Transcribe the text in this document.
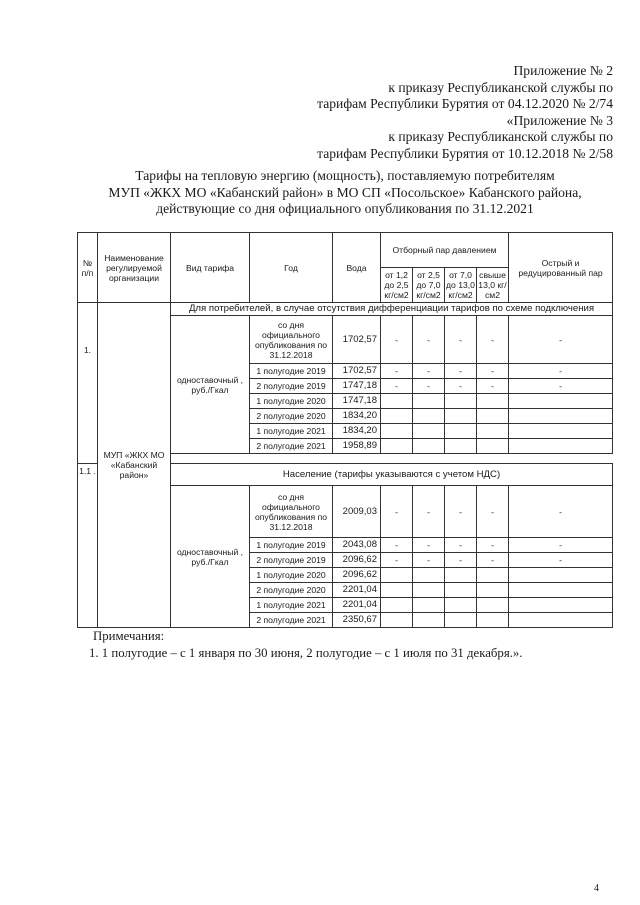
Приложение № 2
к приказу Республиканской службы по
тарифам Республики Бурятия от 04.12.2020 № 2/74
«Приложение № 3
к приказу Республиканской службы по
тарифам Республики Бурятия от 10.12.2018 № 2/58
Тарифы на тепловую энергию (мощность), поставляемую потребителям
МУП «ЖКХ МО «Кабанский район» в МО СП «Посольское» Кабанского района,
действующие со дня официального опубликования по 31.12.2021
№ п/п	Наименование регулируемой организации	Вид тарифа	Год	Вода	Отборный пар давлением				Острый и редуцированный пар
					от 1,2 до 2,5 кг/см2	от 2,5 до 7,0 кг/см2	от 7,0 до 13,0 кг/см2	свыше 13,0 кг/см2	
1.	МУП «ЖКХ МО «Кабанский район»	Для потребителей, в случае отсутствия дифференциации тарифов по схеме подключения							
		одноставочный , руб./Гкал	со дня официального опубликования по 31.12.2018	1702,57	-	-	-	-	-
			1 полугодие 2019	1702,57	-	-	-	-	-
			2 полугодие 2019	1747,18	-	-	-	-	-
			1 полугодие 2020	1747,18					
			2 полугодие 2020	1834,20					
			1 полугодие 2021	1834,20					
			2 полугодие 2021	1958,89					

1.1 .		Население (тарифы указываются с учетом НДС)							
		одноставочный , руб./Гкал	со дня официального опубликования по 31.12.2018	2009,03	-	-	-	-	-
			1 полугодие 2019	2043,08	-	-	-	-	-
			2 полугодие 2019	2096,62	-	-	-	-	-
			1 полугодие 2020	2096,62					
			2 полугодие 2020	2201,04					
			1 полугодие 2021	2201,04					
			2 полугодие 2021	2350,67					
Примечания:
1. 1 полугодие – с 1 января по 30 июня, 2 полугодие – с 1 июля по 31 декабря.».
4
